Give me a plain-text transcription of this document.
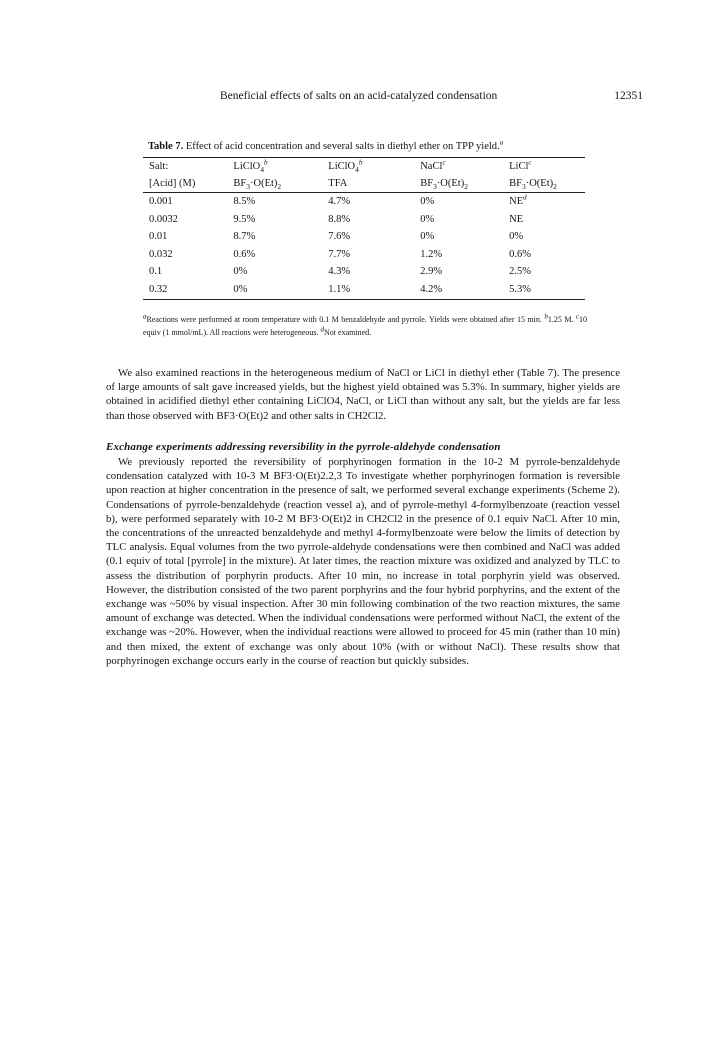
Beneficial effects of salts on an acid-catalyzed condensation	12351
Table 7. Effect of acid concentration and several salts in diethyl ether on TPP yield.$^a$
Salt:	LiClO$_4^b$	LiClO$_4^b$	NaCl$^c$	LiCl$^c$
[Acid] (M)	$BF_3\cdot O(Et)_2$	TFA	$BF_3\cdot O(Et)_2$	$BF_3\cdot O(Et)_2$
0.001	8.5%	4.7%	0%	$NE^d$
0.0032	9.5%	8.8%	0%	NE
0.01	8.7%	7.6%	0%	0%
0.032	0.6%	7.7%	1.2%	0.6%
0.1	0%	4.3%	2.9%	2.5%
0.32	0%	1.1%	4.2%	5.3%

$^a$Reactions were performed at room temperature with 0.1 M benzaldehyde and pyrrole. Yields were obtained after 15 min. $^b$1.25 M. $^c$10 equiv (1 mmol/mL). All reactions were heterogeneous. $^d$Not examined.

We also examined reactions in the heterogeneous medium of NaCl or LiCl in diethyl ether (Table 7). The presence of large amounts of salt gave increased yields, but the highest yield obtained was 5.3%. In summary, higher yields are obtained in acidified diethyl ether containing LiClO4, NaCl, or LiCl than without any salt, but the yields are far less than those observed with BF3·O(Et)2 and other salts in CH2Cl2.

Exchange experiments addressing reversibility in the pyrrole-aldehyde condensation

We previously reported the reversibility of porphyrinogen formation in the 10-2 M pyrrole-benzaldehyde condensation catalyzed with 10-3 M BF3·O(Et)2.2,3 To investigate whether porphyrinogen formation is reversible upon reaction at higher concentration in the presence of salt, we performed several exchange experiments (Scheme 2). Condensations of pyrrole-benzaldehyde (reaction vessel a), and of pyrrole-methyl 4-formylbenzoate (reaction vessel b), were performed separately with 10-2 M BF3·O(Et)2 in CH2Cl2 in the presence of 0.1 equiv NaCl. After 10 min, the concentrations of the unreacted benzaldehyde and methyl 4-formylbenzoate were below the limits of detection by TLC analysis. Equal volumes from the two pyrrole-aldehyde condensations were then combined and NaCl was added (0.1 equiv of total [pyrrole] in the mixture). At later times, the reaction mixture was oxidized and analyzed by TLC to assess the distribution of porphyrin products. After 10 min, no increase in total porphyrin yield was observed. However, the distribution consisted of the two parent porphyrins and the four hybrid porphyrins, and the extent of the exchange was ~50% by visual inspection. After 30 min following combination of the two reaction mixtures, the same amount of exchange was detected. When the individual condensations were performed without NaCl, the extent of the exchange was ~20%. However, when the individual reactions were allowed to proceed for 45 min (rather than 10 min) and then mixed, the extent of exchange was only about 10% (with or without NaCl). These results show that porphyrinogen exchange occurs early in the course of reaction but quickly subsides.
